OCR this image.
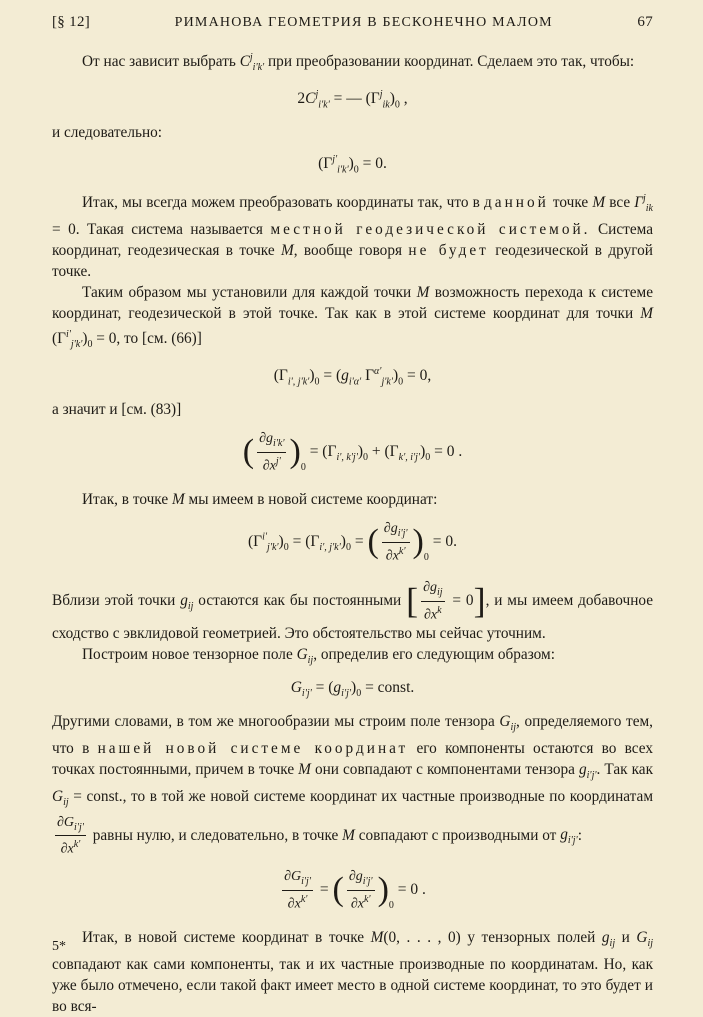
[§ 12]	РИМАНОВА ГЕОМЕТРИЯ В БЕСКОНЕЧНО МАЛОМ	67

От нас зависит выбрать $C^j_{i'k'}$ при преобразовании координат. Сделаем это так, чтобы:

$2C^j_{i'k'}$ = — $(\Gamma^j_{ik})_0$ ,

и следовательно:

$(\Gamma^{j'}_{i'k'})_0 = 0$.

Итак, мы всегда можем преобразовать координаты так, что в данной точке M все $\Gamma^j_{ik} = 0$. Такая система называется местной геодезической системой. Система координат, геодезическая в точке M, вообще говоря не будет геодезической в другой точке.

Таким образом мы установили для каждой точки M возможность перехода к системе координат, геодезической в этой точке. Так как в этой системе координат для точки M $(\Gamma^{i'}_{j'k'})_0 = 0$, то [см. (66)]

$(\Gamma_{i', j'k'})_0 = (g_{i'\alpha'}$ $\Gamma^{\alpha'}_{j'k'})_0 = 0$,

а значит и [см. (83)]

( $\frac{\partial g_{i'k'}}{\partial x^{j'}} )_0 = (\Gamma_{i', k'j'})_0 + (\Gamma_{k', i'j'})_0 = 0$ .

Итак, в точке M мы имеем в новой системе координат:

$(\Gamma^{i'}_{j'k'})_0 = (\Gamma_{i', j'k'})_0$ = ( $\frac{\partial g_{i'j'}}{\partial x^{k'}} )_0 = 0$.

Вблизи этой точки $g_{ij}$ остаются как бы постоянными [ $\frac{\partial g_{ij}}{\partial x^k} = 0$], и мы имеем добавочное сходство с эвклидовой геометрией. Это обстоятельство мы сейчас уточним.

Построим новое тензорное поле $G_{ij}$, определив его следующим образом:

$G_{i'j'} = (g_{i'j'})_0$ = const.

Другими словами, в том же многообразии мы строим поле тензора $G_{ij}$, определяемого тем, что в нашей новой системе координат его компоненты остаются во всех точках постоянными, причем в точке M они совпадают с компонентами тензора $g_{i'j'}$. Так как $G_{ij}$ = const., то в той же новой системе координат их частные производные по координатам
$\frac{\partial G_{i'j'}}{\partial x^{k'}}$ равны нулю, и следовательно, в точке M совпадают с производными от $g_{i'j'}$:

$\frac{\partial G_{i'j'}}{\partial x^{k'}}$ = ( $\frac{\partial g_{i'j'}}{\partial x^{k'}} )_0 = 0$ .

Итак, в новой системе координат в точке M(0, . . . , 0) у тензорных полей $g_{ij}$ и $G_{ij}$ совпадают как сами компоненты, так и их частные производные по координатам. Но, как уже было отмечено, если такой факт имеет место в одной системе координат, то это будет и во вся-

5*
